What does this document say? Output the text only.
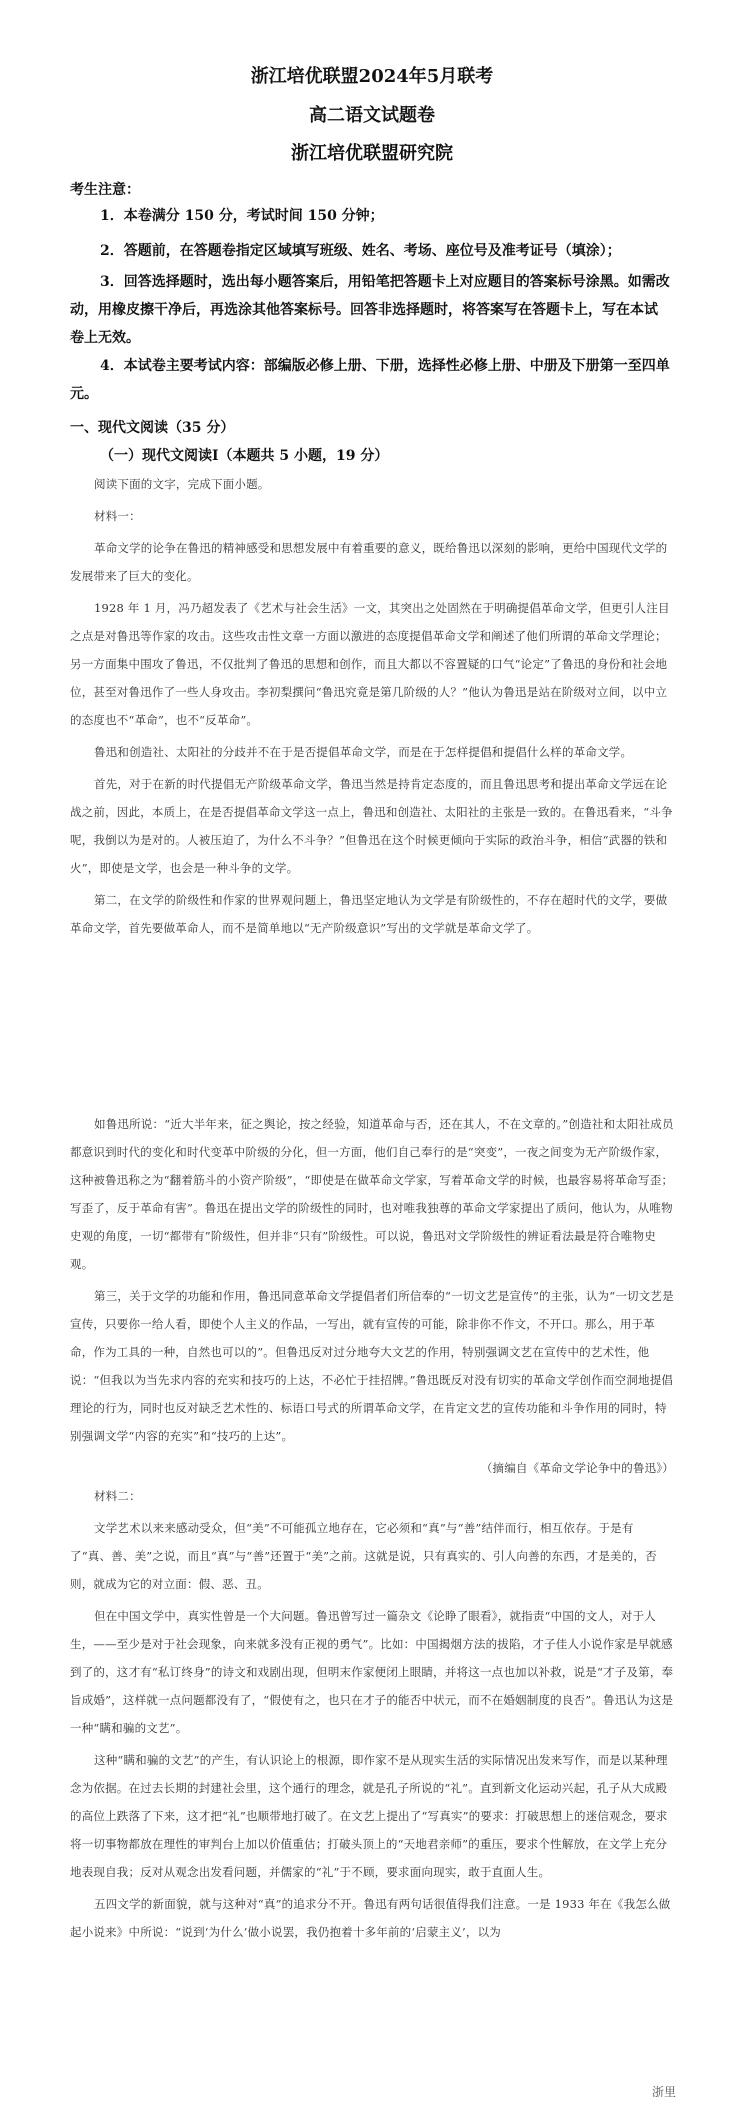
浙江培优联盟2024年5月联考
高二语文试题卷
浙江培优联盟研究院
考生注意：
1．本卷满分 150 分，考试时间 150 分钟；
2．答题前，在答题卷指定区域填写班级、姓名、考场、座位号及准考证号（填涂）；
3．回答选择题时，选出每小题答案后，用铅笔把答题卡上对应题目的答案标号涂黑。如需改动，用橡皮擦干净后，再选涂其他答案标号。回答非选择题时，将答案写在答题卡上，写在本试卷上无效。
4．本试卷主要考试内容：部编版必修上册、下册，选择性必修上册、中册及下册第一至四单元。
一、现代文阅读（35 分）
（一）现代文阅读Ⅰ（本题共 5 小题，19 分）

阅读下面的文字，完成下面小题。

材料一：

革命文学的论争在鲁迅的精神感受和思想发展中有着重要的意义，既给鲁迅以深刻的影响，更给中国现代文学的发展带来了巨大的变化。

1928 年 1 月，冯乃超发表了《艺术与社会生活》一文，其突出之处固然在于明确提倡革命文学，但更引人注目之点是对鲁迅等作家的攻击。这些攻击性文章一方面以激进的态度提倡革命文学和阐述了他们所谓的革命文学理论；另一方面集中围攻了鲁迅，不仅批判了鲁迅的思想和创作，而且大都以不容置疑的口气“论定”了鲁迅的身份和社会地位，甚至对鲁迅作了一些人身攻击。李初梨撰问“鲁迅究竟是第几阶级的人？”他认为鲁迅是站在阶级对立间，以中立的态度也不“革命”，也不“反革命”。

鲁迅和创造社、太阳社的分歧并不在于是否提倡革命文学，而是在于怎样提倡和提倡什么样的革命文学。

首先，对于在新的时代提倡无产阶级革命文学，鲁迅当然是持肯定态度的，而且鲁迅思考和提出革命文学远在论战之前，因此，本质上，在是否提倡革命文学这一点上，鲁迅和创造社、太阳社的主张是一致的。在鲁迅看来，“斗争呢，我倒以为是对的。人被压迫了，为什么不斗争？”但鲁迅在这个时候更倾向于实际的政治斗争，相信“武器的铁和火”，即使是文学，也会是一种斗争的文学。

第二，在文学的阶级性和作家的世界观问题上，鲁迅坚定地认为文学是有阶级性的，不存在超时代的文学，要做革命文学，首先要做革命人，而不是简单地以“无产阶级意识”写出的文学就是革命文学了。

如鲁迅所说：“近大半年来，征之舆论，按之经验，知道革命与否，还在其人，不在文章的。”创造社和太阳社成员都意识到时代的变化和时代变革中阶级的分化，但一方面，他们自己奉行的是“突变”，一夜之间变为无产阶级作家，这种被鲁迅称之为“翻着筋斗的小资产阶级”，“即使是在做革命文学家，写着革命文学的时候，也最容易将革命写歪；写歪了，反于革命有害”。鲁迅在提出文学的阶级性的同时，也对唯我独尊的革命文学家提出了质问，他认为，从唯物史观的角度，一切“都带有”阶级性，但并非“只有”阶级性。可以说，鲁迅对文学阶级性的辨证看法最是符合唯物史观。

第三，关于文学的功能和作用，鲁迅同意革命文学提倡者们所信奉的“一切文艺是宣传”的主张，认为“一切文艺是宣传，只要你一给人看，即使个人主义的作品，一写出，就有宣传的可能，除非你不作文，不开口。那么，用于革命，作为工具的一种，自然也可以的”。但鲁迅反对过分地夸大文艺的作用，特别强调文艺在宣传中的艺术性，他说：“但我以为当先求内容的充实和技巧的上达，不必忙于挂招牌。”鲁迅既反对没有切实的革命文学创作而空洞地提倡理论的行为，同时也反对缺乏艺术性的、标语口号式的所谓革命文学，在肯定文艺的宣传功能和斗争作用的同时，特别强调文学“内容的充实”和“技巧的上达”。

（摘编自《革命文学论争中的鲁迅》）

材料二：

文学艺术以来来感动受众，但“美”不可能孤立地存在，它必须和“真”与“善”结伴而行，相互依存。于是有了“真、善、美”之说，而且“真”与“善”还置于“美”之前。这就是说，只有真实的、引人向善的东西，才是美的，否则，就成为它的对立面：假、恶、丑。

但在中国文学中，真实性曾是一个大问题。鲁迅曾写过一篇杂文《论睁了眼看》，就指责“中国的文人，对于人生，——至少是对于社会现象，向来就多没有正视的勇气”。比如：中国揭烟方法的拔陷，才子佳人小说作家是早就感到了的，这才有“私订终身”的诗文和戏剧出现，但明末作家便闭上眼睛，并将这一点也加以补救，说是“才子及第，奉旨成婚”，这样就一点问题都没有了，“假使有之，也只在才子的能否中状元，而不在婚姻制度的良否”。鲁迅认为这是一种“瞒和骗的文艺”。

这种“瞒和骗的文艺”的产生，有认识论上的根源，即作家不是从现实生活的实际情况出发来写作，而是以某种理念为依据。在过去长期的封建社会里，这个通行的理念，就是孔子所说的“礼”。直到新文化运动兴起，孔子从大成殿的高位上跌落了下来，这才把“礼”也顺带地打破了。在文艺上提出了“写真实”的要求：打破思想上的迷信观念，要求将一切事物都放在理性的审判台上加以价值重估；打破头顶上的“天地君亲师”的重压，要求个性解放，在文学上充分地表现自我；反对从观念出发看问题，并儒家的“礼”于不顾，要求面向现实，敢于直面人生。

五四文学的新面貌，就与这种对“真”的追求分不开。鲁迅有两句话很值得我们注意。一是 1933 年在《我怎么做起小说来》中所说：“说到‘为什么’做小说罢，我仍抱着十多年前的‘启蒙主义’，以为

浙里
